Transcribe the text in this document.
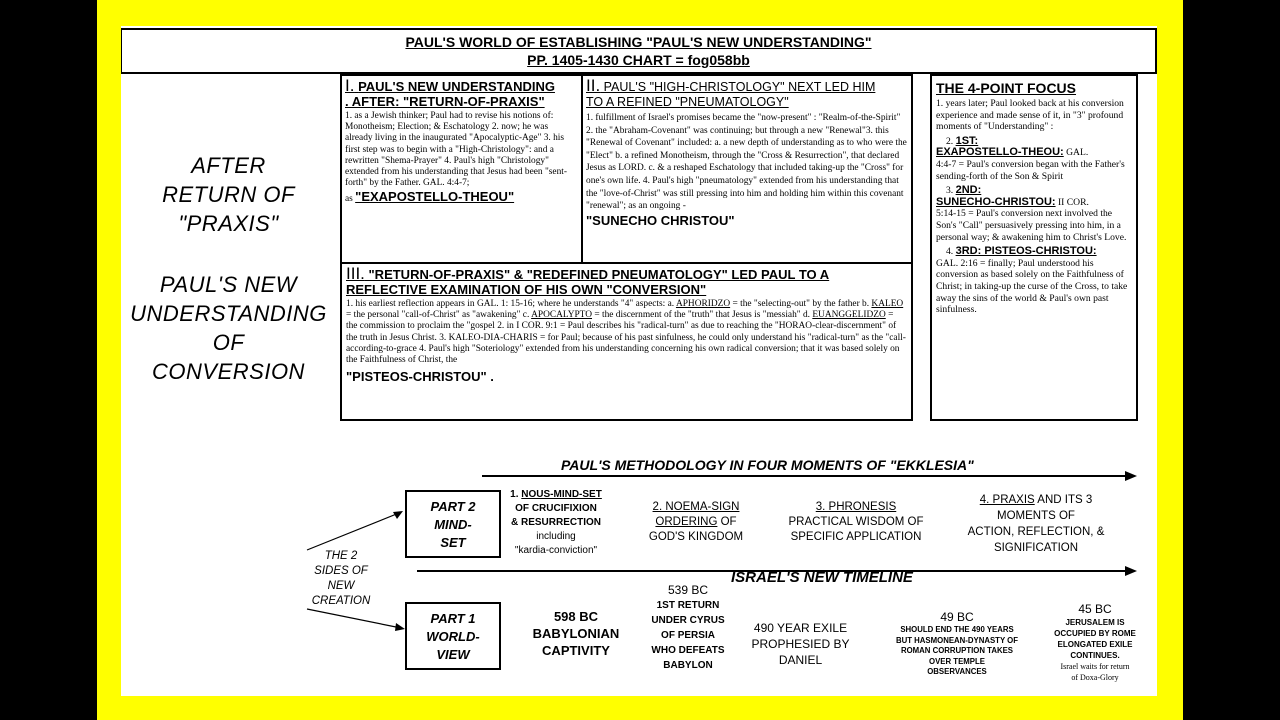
PAUL'S WORLD OF ESTABLISHING "PAUL'S NEW UNDERSTANDING"
PP. 1405-1430 CHART = fog058bb
AFTER
RETURN OF
"PRAXIS"
PAUL'S NEW
UNDERSTANDING
OF
CONVERSION
I. PAUL'S NEW UNDERSTANDING
. AFTER: "RETURN-OF-PRAXIS"
1. as a Jewish thinker; Paul had to revise his notions of: Monotheism; Election; & Eschatology 2. now; he was already living in the inaugurated "Apocalyptic-Age" 3. his first step was to begin with a "High-Christology": and a rewritten "Shema-Prayer" 4. Paul's high "Christology" extended from his understanding that Jesus had been "sent-forth" by the Father. GAL. 4:4-7;
as "EXAPOSTELLO-THEOU"
II. PAUL'S "HIGH-CHRISTOLOGY" NEXT LED HIM
TO A REFINED "PNEUMATOLOGY"
1. fulfillment of Israel's promises became the "now-present" : "Realm-of-the-Spirit" 2. the "Abraham-Covenant" was continuing; but through a new "Renewal"3. this "Renewal of Covenant" included: a. a new depth of understanding as to who were the "Elect" b. a refined Monotheism, through the "Cross & Resurrection", that declared Jesus as LORD. c. & a reshaped Eschatology that included taking-up the "Cross" for one's own life. 4. Paul's high "pneumatology" extended from his understanding that the "love-of-Christ" was still pressing into him and holding him within this covenant "renewal"; as an ongoing -
"SUNECHO CHRISTOU"
III. "RETURN-OF-PRAXIS" & "REDEFINED PNEUMATOLOGY" LED PAUL TO A
REFLECTIVE EXAMINATION OF HIS OWN "CONVERSION"
1. his earliest reflection appears in GAL. 1: 15-16; where he understands "4" aspects: a. APHORIDZO = the "selecting-out" by the father b. KALEO = the personal "call-of-Christ" as "awakening" c. APOCALYPTO = the discernment of the "truth" that Jesus is "messiah" d. EUANGGELIDZO = the commission to proclaim the "gospel 2. in I COR. 9:1 = Paul describes his "radical-turn" as due to reaching the "HORAO-clear-discernment" of the truth in Jesus Christ. 3. KALEO-DIA-CHARIS = for Paul; because of his past sinfulness, he could only understand his "radical-turn" as the "call-according-to-grace 4. Paul's high "Soteriology" extended from his understanding concerning his own radical conversion; that it was based solely on the Faithfulness of Christ, the
"PISTEOS-CHRISTOU" .
THE 4-POINT FOCUS
1. years later; Paul looked back at his conversion experience and made sense of it, in "3" profound moments of "Understanding" :
2. 1ST:
EXAPOSTELLO-THEOU: GAL.
4:4-7 = Paul's conversion began with the Father's sending-forth of the Son & Spirit
3. 2ND:
SUNECHO-CHRISTOU: II COR.
5:14-15 = Paul's conversion next involved the Son's "Call" persuasively pressing into him, in a personal way; & awakening him to Christ's Love.
4. 3RD: PISTEOS-CHRISTOU:
GAL. 2:16 = finally; Paul understood his conversion as based solely on the Faithfulness of Christ; in taking-up the curse of the Cross, to take away the sins of the world & Paul's own past sinfulness.
PAUL'S METHODOLOGY IN FOUR MOMENTS OF "EKKLESIA"
PART 2
MIND-
SET
1. NOUS-MIND-SET
OF CRUCIFIXION
& RESURRECTION
including
"kardia-conviction"
2. NOEMA-SIGN
ORDERING OF
GOD'S KINGDOM
3. PHRONESIS
PRACTICAL WISDOM OF
SPECIFIC APPLICATION
4. PRAXIS AND ITS 3
MOMENTS OF
ACTION, REFLECTION, &
SIGNIFICATION
THE 2
SIDES OF
NEW
CREATION
ISRAEL'S NEW TIMELINE
PART 1
WORLD-
VIEW
598 BC
BABYLONIAN
CAPTIVITY
539 BC
1ST RETURN
UNDER CYRUS
OF PERSIA
WHO DEFEATS
BABYLON
490 YEAR EXILE
PROPHESIED BY
DANIEL
49 BC
SHOULD END THE 490 YEARS
BUT HASMONEAN-DYNASTY OF
ROMAN CORRUPTION TAKES
OVER TEMPLE
OBSERVANCES
45 BC
JERUSALEM IS
OCCUPIED BY ROME
ELONGATED EXILE
CONTINUES.
Israel waits for return
of Doxa-Glory
